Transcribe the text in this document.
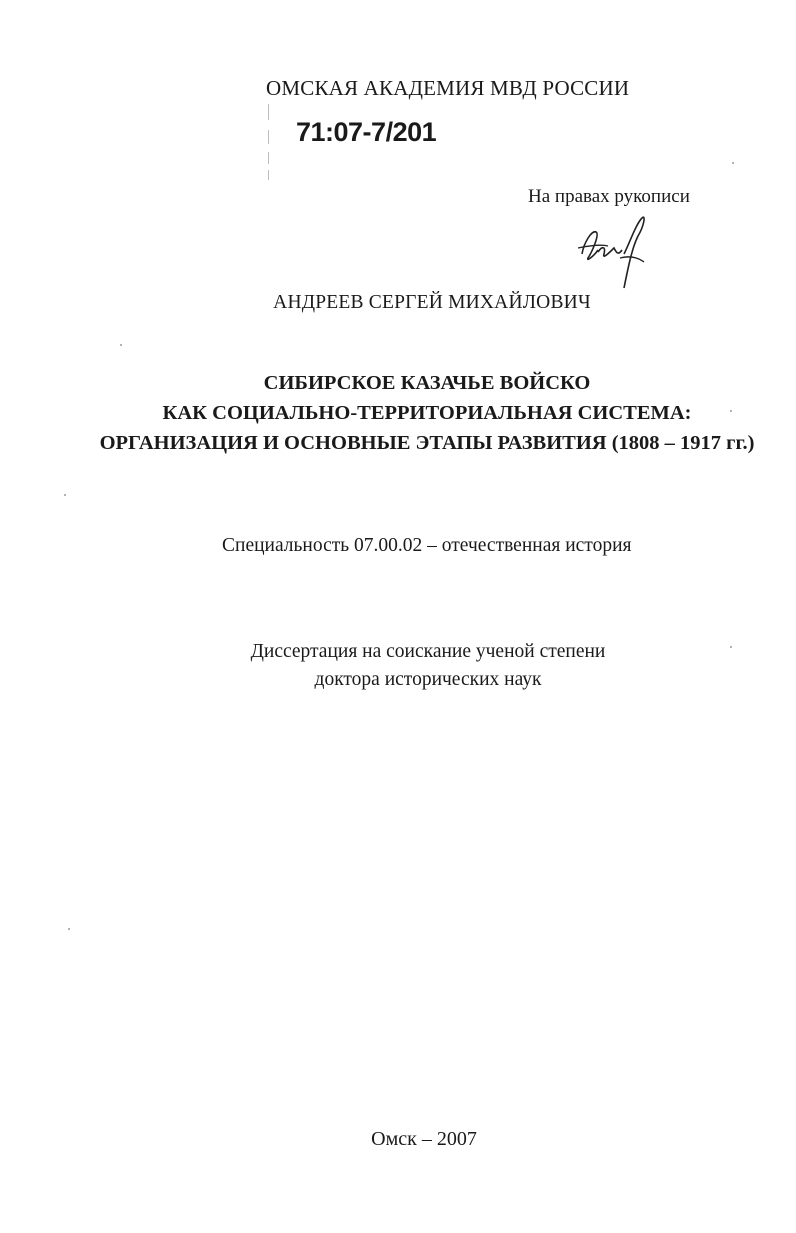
ОМСКАЯ АКАДЕМИЯ МВД РОССИИ
71:07-7/201
На правах рукописи
АНДРЕЕВ СЕРГЕЙ МИХАЙЛОВИЧ
СИБИРСКОЕ КАЗАЧЬЕ ВОЙСКО
КАК СОЦИАЛЬНО-ТЕРРИТОРИАЛЬНАЯ СИСТЕМА:
ОРГАНИЗАЦИЯ И ОСНОВНЫЕ ЭТАПЫ РАЗВИТИЯ (1808 – 1917 гг.)
Специальность 07.00.02 – отечественная история
Диссертация на соискание ученой степени
доктора исторических наук
Омск – 2007
